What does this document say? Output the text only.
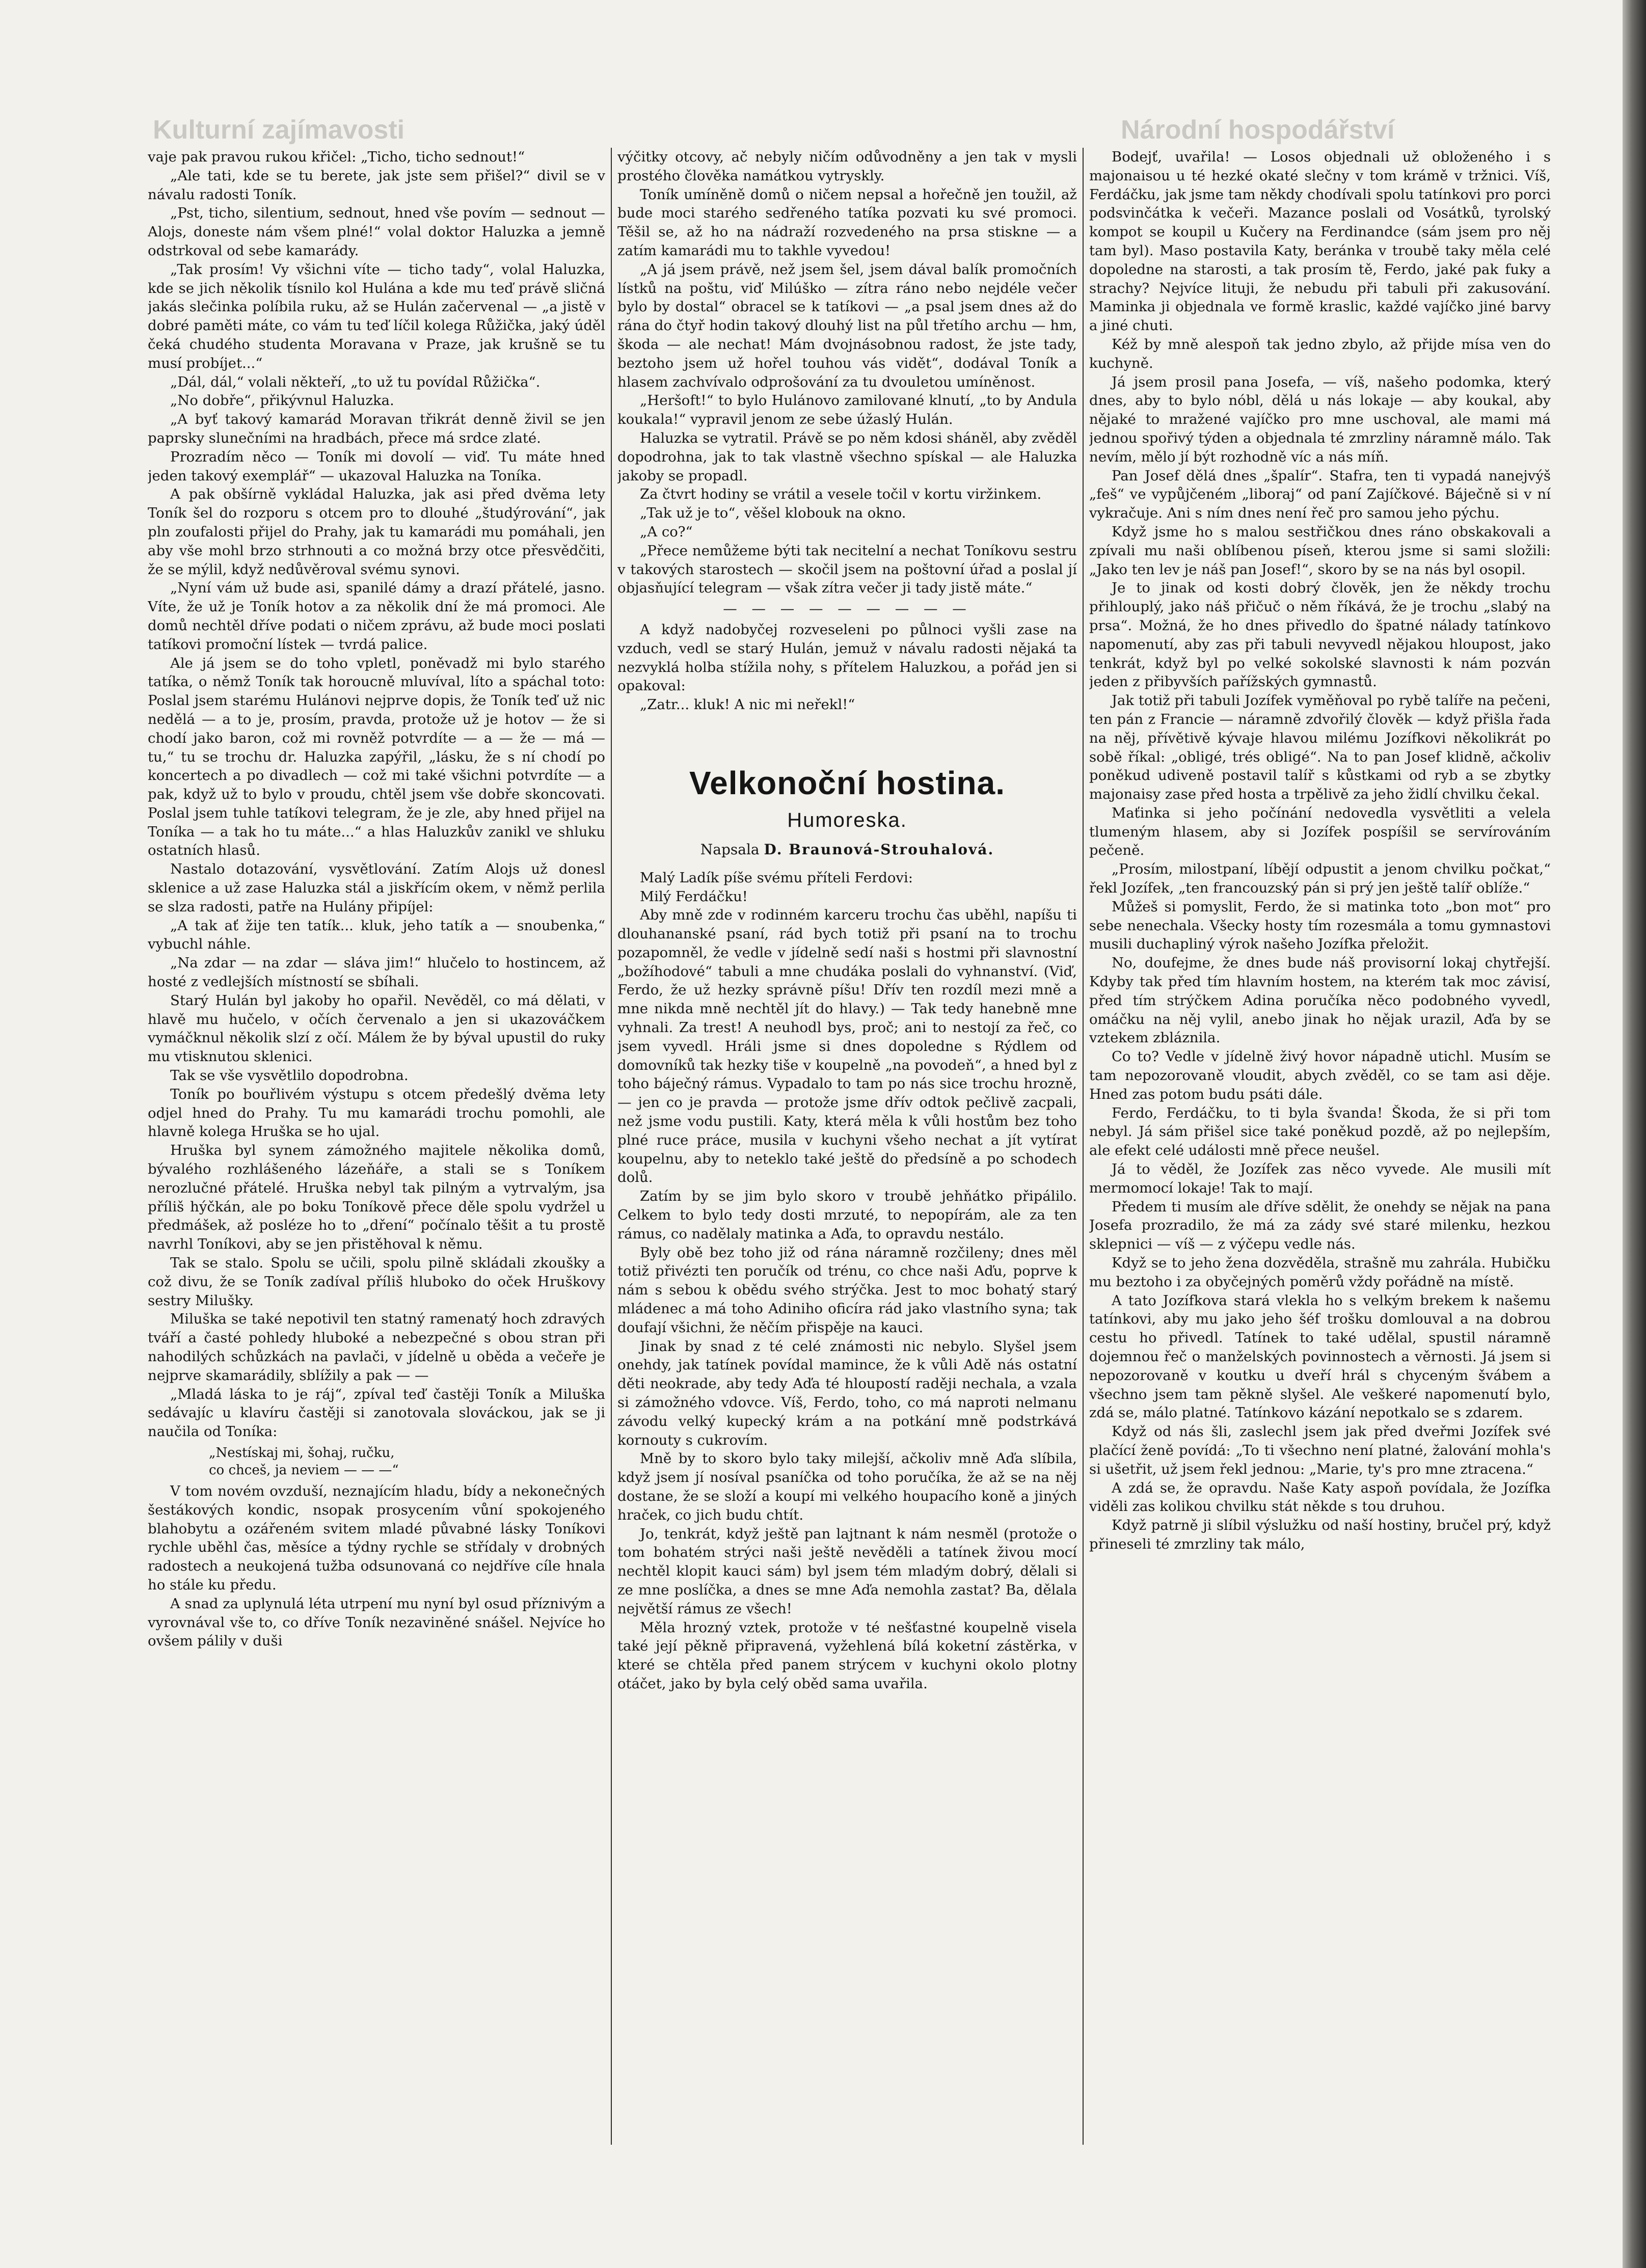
Kulturní zajímavosti	Národní hospodářství

vaje pak pravou rukou křičel: „Ticho, ticho sednout!“

„Ale tati, kde se tu berete, jak jste sem přišel?“ divil se v návalu radosti Toník.

„Pst, ticho, silentium, sednout, hned vše povím — sednout — Alojs, doneste nám všem plné!“ volal doktor Haluzka a jemně odstrkoval od sebe kamarády.

„Tak prosím! Vy všichni víte — ticho tady“, volal Haluzka, kde se jich několik tísnilo kol Hulána a kde mu teď právě sličná jakás slečinka políbila ruku, až se Hulán začervenal — „a jistě v dobré paměti máte, co vám tu teď líčil kolega Růžička, jaký úděl čeká chudého studenta Moravana v Praze, jak krušně se tu musí probíjet...“

„Dál, dál,“ volali někteří, „to už tu povídal Růžička“.

„No dobře“, přikývnul Haluzka.

„A byť takový kamarád Moravan třikrát denně živil se jen paprsky slunečními na hradbách, přece má srdce zlaté.

Prozradím něco — Toník mi dovolí — viď. Tu máte hned jeden takový exemplář“ — ukazoval Haluzka na Toníka.

A pak obšírně vykládal Haluzka, jak asi před dvěma lety Toník šel do rozporu s otcem pro to dlouhé „študýrování“, jak pln zoufalosti přijel do Prahy, jak tu kamarádi mu pomáhali, jen aby vše mohl brzo strhnouti a co možná brzy otce přesvědčiti, že se mýlil, když nedůvěroval svému synovi.

„Nyní vám už bude asi, spanilé dámy a drazí přátelé, jasno. Víte, že už je Toník hotov a za několik dní že má promoci. Ale domů nechtěl dříve podati o ničem zprávu, až bude moci poslati tatíkovi promoční lístek — tvrdá palice.

Ale já jsem se do toho vpletl, poněvadž mi bylo starého tatíka, o němž Toník tak horoucně mluvíval, líto a spáchal toto: Poslal jsem starému Hulánovi nejprve dopis, že Toník teď už nic nedělá — a to je, prosím, pravda, protože už je hotov — že si chodí jako baron, což mi rovněž potvrdíte — a — že — má — tu,“ tu se trochu dr. Haluzka zapýřil, „lásku, že s ní chodí po koncertech a po divadlech — což mi také všichni potvrdíte — a pak, když už to bylo v proudu, chtěl jsem vše dobře skoncovati. Poslal jsem tuhle tatíkovi telegram, že je zle, aby hned přijel na Toníka — a tak ho tu máte...“ a hlas Haluzkův zanikl ve shluku ostatních hlasů.

Nastalo dotazování, vysvětlování. Zatím Alojs už donesl sklenice a už zase Haluzka stál a jiskřícím okem, v němž perlila se slza radosti, patře na Hulány připíjel:

„A tak ať žije ten tatík... kluk, jeho tatík a — snoubenka,“ vybuchl náhle.

„Na zdar — na zdar — sláva jim!“ hlučelo to hostincem, až hosté z vedlejších místností se sbíhali.

Starý Hulán byl jakoby ho opařil. Nevěděl, co má dělati, v hlavě mu hučelo, v očích červenalo a jen si ukazováčkem vymáčknul několik slzí z očí. Málem že by býval upustil do ruky mu vtisknutou sklenici.

Tak se vše vysvětlilo dopodrobna.

Toník po bouřlivém výstupu s otcem předešlý dvěma lety odjel hned do Prahy. Tu mu kamarádi trochu pomohli, ale hlavně kolega Hruška se ho ujal.

Hruška byl synem zámožného majitele několika domů, bývalého rozhlášeného lázeňáře, a stali se s Toníkem nerozlučné přátelé. Hruška nebyl tak pilným a vytrvalým, jsa příliš hýčkán, ale po boku Toníkově přece děle spolu vydržel u předmášek, až posléze ho to „dření“ počínalo těšit a tu prostě navrhl Toníkovi, aby se jen přistěhoval k němu.

Tak se stalo. Spolu se učili, spolu pilně skládali zkoušky a což divu, že se Toník zadíval příliš hluboko do oček Hruškovy sestry Milušky.

Miluška se také nepotivil ten statný ramenatý hoch zdravých tváří a časté pohledy hluboké a nebezpečné s obou stran při nahodilých schůzkách na pavlači, v jídelně u oběda a večeře je nejprve skamarádily, sblížily a pak — —

„Mladá láska to je ráj“, zpíval teď častěji Toník a Miluška sedávajíc u klavíru častěji si zanotovala slováckou, jak se ji naučila od Toníka:

„Nestískaj mi, šohaj, ručku,
co chceš, ja neviem — — —“

V tom novém ovzduší, neznajícím hladu, bídy a nekonečných šestákových kondic, nsopak prosycením vůní spokojeného blahobytu a ozářeném svitem mladé půvabné lásky Toníkovi rychle uběhl čas, měsíce a týdny rychle se střídaly v drobných radostech a neukojená tužba odsunovaná co nejdříve cíle hnala ho stále ku předu.

A snad za uplynulá léta utrpení mu nyní byl osud příznivým a vyrovnával vše to, co dříve Toník nezaviněné snášel. Nejvíce ho ovšem pálily v duši

výčitky otcovy, ač nebyly ničím odůvodněny a jen tak v mysli prostého člověka namátkou vytryskly.

Toník umíněně domů o ničem nepsal a hořečně jen toužil, až bude moci starého sedřeného tatíka pozvati ku své promoci. Těšil se, až ho na nádraží rozvedeného na prsa stiskne — a zatím kamarádi mu to takhle vyvedou!

„A já jsem právě, než jsem šel, jsem dával balík promočních lístků na poštu, viď Milúško — zítra ráno nebo nejdéle večer bylo by dostal“ obracel se k tatíkovi — „a psal jsem dnes až do rána do čtyř hodin takový dlouhý list na půl třetího archu — hm, škoda — ale nechat! Mám dvojnásobnou radost, že jste tady, beztoho jsem už hořel touhou vás vidět“, dodával Toník a hlasem zachvívalo odprošování za tu dvouletou umíněnost.

„Heršoft!“ to bylo Hulánovo zamilované klnutí, „to by Andula koukala!“ vypravil jenom ze sebe úžaslý Hulán.

Haluzka se vytratil. Právě se po něm kdosi sháněl, aby zvěděl dopodrohna, jak to tak vlastně všechno spískal — ale Haluzka jakoby se propadl.

Za čtvrt hodiny se vrátil a vesele točil v kortu viržinkem.

„Tak už je to“, věšel klobouk na okno.

„A co?“

„Přece nemůžeme býti tak necitelní a nechat Toníkovu sestru v takových starostech — skočil jsem na poštovní úřad a poslal jí objasňující telegram — však zítra večer ji tady jistě máte.“

— — — — — — — — —

A když nadobyčej rozveseleni po půlnoci vyšli zase na vzduch, vedl se starý Hulán, jemuž v návalu radosti nějaká ta nezvyklá holba stížila nohy, s přítelem Haluzkou, a pořád jen si opakoval:

„Zatr... kluk! A nic mi neřekl!“

Velkonoční hostina.
Humoreska.
Napsala D. Braunová-Strouhalová.

Malý Ladík píše svému příteli Ferdovi:

Milý Ferdáčku!

Aby mně zde v rodinném karceru trochu čas uběhl, napíšu ti dlouhananské psaní, rád bych totiž při psaní na to trochu pozapomněl, že vedle v jídelně sedí naši s hostmi při slavnostní „božíhodové“ tabuli a mne chudáka poslali do vyhnanství. (Viď, Ferdo, že už hezky správně píšu! Dřív ten rozdíl mezi mně a mne nikda mně nechtěl jít do hlavy.) — Tak tedy hanebně mne vyhnali. Za trest! A neuhodl bys, proč; ani to nestojí za řeč, co jsem vyvedl. Hráli jsme si dnes dopoledne s Rýdlem od domovníků tak hezky tiše v koupelně „na povodeň“, a hned byl z toho báječný rámus. Vypadalo to tam po nás sice trochu hrozně, — jen co je pravda — protože jsme dřív odtok pečlivě zacpali, než jsme vodu pustili. Katy, která měla k vůli hostům bez toho plné ruce práce, musila v kuchyni všeho nechat a jít vytírat koupelnu, aby to neteklo také ještě do předsíně a po schodech dolů.

Zatím by se jim bylo skoro v troubě jehňátko připálilo. Celkem to bylo tedy dosti mrzuté, to nepopírám, ale za ten rámus, co nadělaly matinka a Aďa, to opravdu nestálo.

Byly obě bez toho již od rána náramně rozčileny; dnes měl totiž přivézti ten poručík od trénu, co chce naši Aďu, poprve k nám s sebou k obědu svého strýčka. Jest to moc bohatý starý mládenec a má toho Adiniho oficíra rád jako vlastního syna; tak doufají všichni, že něčím přispěje na kauci.

Jinak by snad z té celé známosti nic nebylo. Slyšel jsem onehdy, jak tatínek povídal mamince, že k vůli Adě nás ostatní děti neokrade, aby tedy Aďa té hloupostí raději nechala, a vzala si zámožného vdovce. Víš, Ferdo, toho, co má naproti nelmanu závodu velký kupecký krám a na potkání mně podstrkává kornouty s cukrovím.

Mně by to skoro bylo taky milejší, ačkoliv mně Aďa slíbila, když jsem jí nosíval psaníčka od toho poručíka, že až se na něj dostane, že se složí a koupí mi velkého houpacího koně a jiných hraček, co jich budu chtít.

Jo, tenkrát, když ještě pan lajtnant k nám nesměl (protože o tom bohatém strýci naši ještě nevěděli a tatínek živou mocí nechtěl klopit kauci sám) byl jsem tém mladým dobrý, dělali si ze mne poslíčka, a dnes se mne Aďa nemohla zastat? Ba, dělala největší rámus ze všech!

Měla hrozný vztek, protože v té nešťastné koupelně visela také její pěkně připravená, vyžehlená bílá koketní zástěrka, v které se chtěla před panem strýcem v kuchyni okolo plotny otáčet, jako by byla celý oběd sama uvařila.

Bodejť, uvařila! — Losos objednali už obloženého i s majonaisou u té hezké okaté slečny v tom krámě v tržnici. Víš, Ferdáčku, jak jsme tam někdy chodívali spolu tatínkovi pro porci podsvinčátka k večeři. Mazance poslali od Vosátků, tyrolský kompot se koupil u Kučery na Ferdinandce (sám jsem pro něj tam byl). Maso postavila Katy, beránka v troubě taky měla celé dopoledne na starosti, a tak prosím tě, Ferdo, jaké pak fuky a strachy? Nejvíce lituji, že nebudu při tabuli při zakusování. Maminka ji objednala ve formě kraslic, každé vajíčko jiné barvy a jiné chuti.

Kéž by mně alespoň tak jedno zbylo, až přijde mísa ven do kuchyně.

Já jsem prosil pana Josefa, — víš, našeho podomka, který dnes, aby to bylo nóbl, dělá u nás lokaje — aby koukal, aby nějaké to mražené vajíčko pro mne uschoval, ale mami má jednou spořivý týden a objednala té zmrzliny náramně málo. Tak nevím, mělo jí být rozhodně víc a nás míň.

Pan Josef dělá dnes „špalír“. Stafra, ten ti vypadá nanejvýš „feš“ ve vypůjčeném „liboraj“ od paní Zajíčkové. Báječně si v ní vykračuje. Ani s ním dnes není řeč pro samou jeho pýchu.

Když jsme ho s malou sestřičkou dnes ráno obskakovali a zpívali mu naši oblíbenou píseň, kterou jsme si sami složili: „Jako ten lev je náš pan Josef!“, skoro by se na nás byl osopil.

Je to jinak od kosti dobrý člověk, jen že někdy trochu přihlouplý, jako náš přičuč o něm říkává, že je trochu „slabý na prsa“. Možná, že ho dnes přivedlo do špatné nálady tatínkovo napomenutí, aby zas při tabuli nevyvedl nějakou hloupost, jako tenkrát, když byl po velké sokolské slavnosti k nám pozván jeden z přibyvších pařížských gymnastů.

Jak totiž při tabuli Jozífek vyměňoval po rybě talíře na pečeni, ten pán z Francie — náramně zdvořilý člověk — když přišla řada na něj, přívětivě kývaje hlavou milému Jozífkovi několikrát po sobě říkal: „obligé, trés obligé“. Na to pan Josef klidně, ačkoliv poněkud udiveně postavil talíř s kůstkami od ryb a se zbytky majonaisy zase před hosta a trpělivě za jeho židlí chvilku čekal.

Maťinka si jeho počínání nedovedla vysvětliti a velela tlumeným hlasem, aby si Jozífek pospíšil se servírováním pečeně.

„Prosím, milostpaní, líbějí odpustit a jenom chvilku počkat,“ řekl Jozífek, „ten francouzský pán si prý jen ještě talíř oblíže.“

Můžeš si pomyslit, Ferdo, že si matinka toto „bon mot“ pro sebe nenechala. Všecky hosty tím rozesmála a tomu gymnastovi musili duchapliný výrok našeho Jozífka přeložit.

No, doufejme, že dnes bude náš provisorní lokaj chytřejší. Kdyby tak před tím hlavním hostem, na kterém tak moc závisí, před tím strýčkem Adina poručíka něco podobného vyvedl, omáčku na něj vylil, anebo jinak ho nějak urazil, Aďa by se vztekem zbláznila.

Co to? Vedle v jídelně živý hovor nápadně utichl. Musím se tam nepozorovaně vloudit, abych zvěděl, co se tam asi děje. Hned zas potom budu psáti dále.

Ferdo, Ferdáčku, to ti byla švanda! Škoda, že si při tom nebyl. Já sám přišel sice také poněkud pozdě, až po nejlepším, ale efekt celé události mně přece neušel.

Já to věděl, že Jozífek zas něco vyvede. Ale musili mít mermomocí lokaje! Tak to mají.

Předem ti musím ale dříve sdělit, že onehdy se nějak na pana Josefa prozradilo, že má za zády své staré milenku, hezkou sklepnici — víš — z výčepu vedle nás.

Když se to jeho žena dozvěděla, strašně mu zahrála. Hubičku mu beztoho i za obyčejných poměrů vždy pořádně na místě.

A tato Jozífkova stará vlekla ho s velkým brekem k našemu tatínkovi, aby mu jako jeho šéf trošku domlouval a na dobrou cestu ho přivedl. Tatínek to také udělal, spustil náramně dojemnou řeč o manželských povinnostech a věrnosti. Já jsem si nepozorovaně v koutku u dveří hrál s chyceným švábem a všechno jsem tam pěkně slyšel. Ale veškeré napomenutí bylo, zdá se, málo platné. Tatínkovo kázání nepotkalo se s zdarem.

Když od nás šli, zaslechl jsem jak před dveřmi Jozífek své plačící ženě povídá: „To ti všechno není platné, žalování mohla's si ušetřit, už jsem řekl jednou: „Marie, ty's pro mne ztracena.“

A zdá se, že opravdu. Naše Katy aspoň povídala, že Jozífka viděli zas kolikou chvilku stát někde s tou druhou.

Když patrně ji slíbil výslužku od naší hostiny, bručel prý, když přineseli té zmrzliny tak málo,
